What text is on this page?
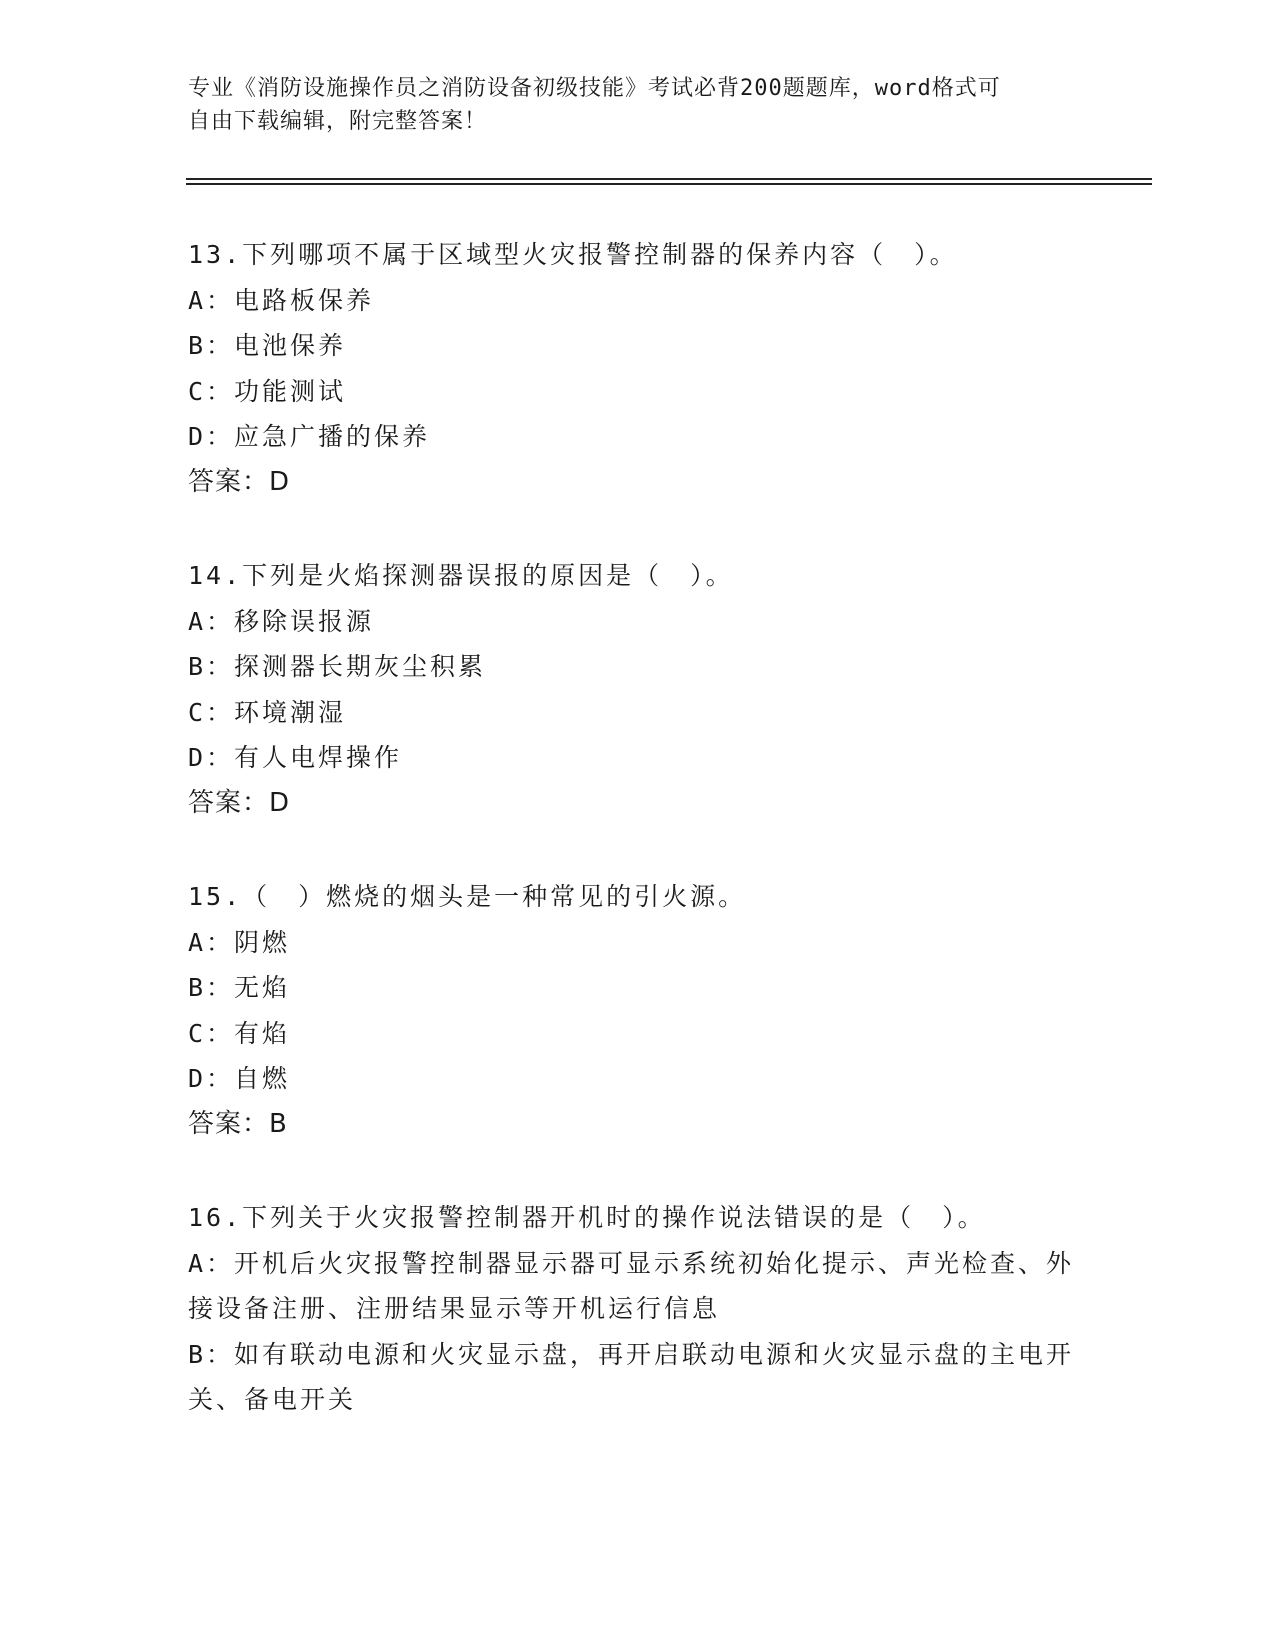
专业《消防设施操作员之消防设备初级技能》考试必背200题题库，word格式可
自由下载编辑，附完整答案！
13.下列哪项不属于区域型火灾报警控制器的保养内容（　）。
A：电路板保养
B：电池保养
C：功能测试
D：应急广播的保养
答案：D
14.下列是火焰探测器误报的原因是（　）。
A：移除误报源
B：探测器长期灰尘积累
C：环境潮湿
D：有人电焊操作
答案：D
15.（　）燃烧的烟头是一种常见的引火源。
A：阴燃
B：无焰
C：有焰
D：自燃
答案：B
16.下列关于火灾报警控制器开机时的操作说法错误的是（　）。
A：开机后火灾报警控制器显示器可显示系统初始化提示、声光检查、外接设备注册、注册结果显示等开机运行信息
B：如有联动电源和火灾显示盘，再开启联动电源和火灾显示盘的主电开关、备电开关
